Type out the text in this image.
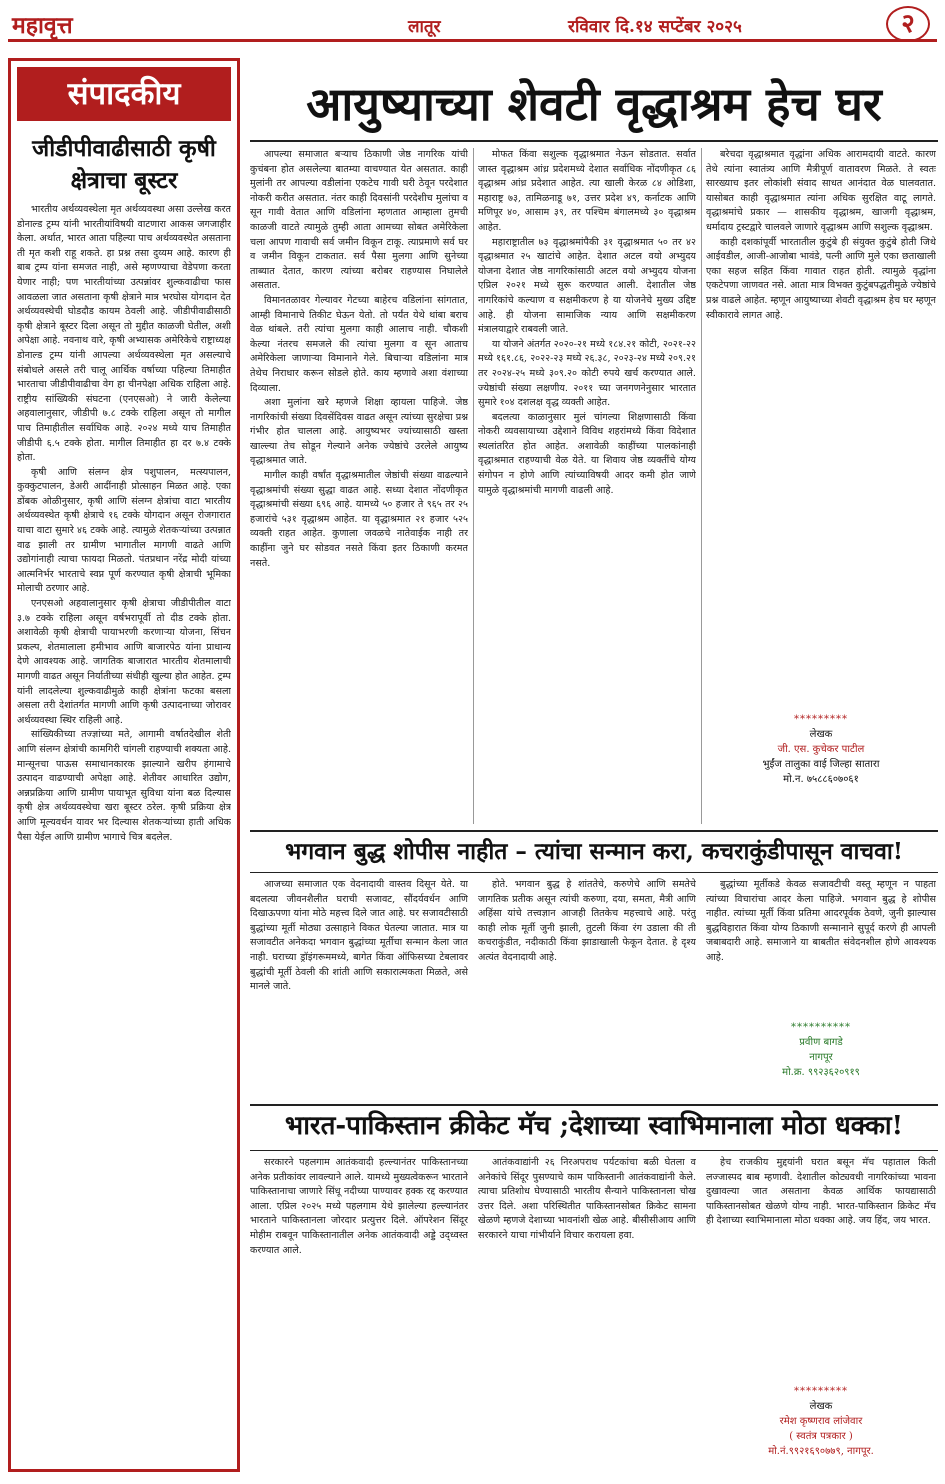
महावृत्त	लातूर	रविवार दि.१४ सप्टेंबर २०२५	२
संपादकीय
जीडीपीवाढीसाठी कृषी क्षेत्राचा बूस्टर

भारतीय अर्थव्यवस्थेला मृत अर्थव्यवस्था असा उल्लेख करत डोनाल्ड ट्रम्प यांनी भारतीयांविषयी वाटणारा आकस जगजाहीर केला. अर्थात, भारत आता पहिल्या पाच अर्थव्यवस्थेत असताना ती मृत कशी राहू शकते. हा प्रश्न तसा दुय्यम आहे. कारण ही बाब ट्रम्प यांना समजत नाही, असे म्हणण्याचा वेडेपणा करता येणार नाही; पण भारतीयांच्या उत्पन्नांवर शुल्कवाढीचा फास आवळला जात असताना कृषी क्षेत्राने मात्र भरघोस योगदान देत अर्थव्यवस्थेची घोडदौड कायम ठेवली आहे. जीडीपीवाढीसाठी कृषी क्षेत्राने बूस्टर दिला असून तो मुद्दीत काळजी घेतील, अशी अपेक्षा आहे. नवनाथ वारे, कृषी अभ्यासक अमेरिकेचे राष्ट्राध्यक्ष डोनाल्ड ट्रम्प यांनी आपल्या अर्थव्यवस्थेला मृत असल्याचे संबोधले असले तरी चालू आर्थिक वर्षाच्या पहिल्या तिमाहीत भारताचा जीडीपीवाढीचा वेग हा चीनपेक्षा अधिक राहिला आहे. राष्ट्रीय सांख्यिकी संघटना (एनएसओ) ने जारी केलेल्या अहवालानुसार, जीडीपी ७.८ टक्के राहिला असून तो मागील पाच तिमाहीतील सर्वाधिक आहे. २०२४ मध्ये याच तिमाहीत जीडीपी ६.५ टक्के होता. मागील तिमाहीत हा दर ७.४ टक्के होता.

कृषी आणि संलग्न क्षेत्र पशुपालन, मत्स्यपालन, कुक्कुटपालन, डेअरी आदींनाही प्रोत्साहन मिळत आहे. एका डोंबक ओळीनुसार, कृषी आणि संलग्न क्षेत्रांचा वाटा भारतीय अर्थव्यवस्थेत कृषी क्षेत्राचे १६ टक्के योगदान असून रोजगारात याचा वाटा सुमारे ४६ टक्के आहे. त्यामुळे शेतकऱ्यांच्या उत्पन्नात वाढ झाली तर ग्रामीण भागातील मागणी वाढते आणि उद्योगांनाही त्याचा फायदा मिळतो. पंतप्रधान नरेंद्र मोदी यांच्या आत्मनिर्भर भारताचे स्वप्न पूर्ण करण्यात कृषी क्षेत्राची भूमिका मोलाची ठरणार आहे.

एनएसओ अहवालानुसार कृषी क्षेत्राचा जीडीपीतील वाटा ३.७ टक्के राहिला असून वर्षभरापूर्वी तो दीड टक्के होता. अशावेळी कृषी क्षेत्राची पायाभरणी करणाऱ्या योजना, सिंचन प्रकल्प, शेतमालाला हमीभाव आणि बाजारपेठ यांना प्राधान्य देणे आवश्यक आहे. जागतिक बाजारात भारतीय शेतमालाची मागणी वाढत असून निर्यातीच्या संधीही खुल्या होत आहेत. ट्रम्प यांनी लादलेल्या शुल्कवाढीमुळे काही क्षेत्रांना फटका बसला असला तरी देशांतर्गत मागणी आणि कृषी उत्पादनाच्या जोरावर अर्थव्यवस्था स्थिर राहिली आहे.

सांख्यिकीच्या तज्ज्ञांच्या मते, आगामी वर्षातदेखील शेती आणि संलग्न क्षेत्रांची कामगिरी चांगली राहण्याची शक्यता आहे. मान्सूनचा पाऊस समाधानकारक झाल्याने खरीप हंगामाचे उत्पादन वाढण्याची अपेक्षा आहे. शेतीवर आधारित उद्योग, अन्नप्रक्रिया आणि ग्रामीण पायाभूत सुविधा यांना बळ दिल्यास कृषी क्षेत्र अर्थव्यवस्थेचा खरा बूस्टर ठरेल. कृषी प्रक्रिया क्षेत्र आणि मूल्यवर्धन यावर भर दिल्यास शेतकऱ्यांच्या हाती अधिक पैसा येईल आणि ग्रामीण भागाचे चित्र बदलेल.

आयुष्याच्या शेवटी वृद्धाश्रम हेच घर

आपल्या समाजात बऱ्याच ठिकाणी जेष्ठ नागरिक यांची कुचंबना होत असलेल्या बातम्या वाचण्यात येत असतात. काही मुलांनी तर आपल्या वडीलांना एकटेच गावी घरी ठेवून परदेशात नोकरी करीत असतात. नंतर काही दिवसांनी परदेशीच मुलांचा व सून गावी वेतात आणि वडिलांना म्हणतात आम्हाला तुमची काळजी वाटते त्यामुळे तुम्ही आता आमच्या सोबत अमेरिकेला चला आपण गावाची सर्व जमीन विकून टाकू. त्याप्रमाणे सर्व घर व जमीन विकून टाकतात. सर्व पैसा मुलगा आणि सुनेच्या ताब्यात देतात, कारण त्यांच्या बरोबर राहण्यास निघालेले असतात.

विमानतळावर गेल्यावर गेटच्या बाहेरच वडिलांना सांगतात, आम्ही विमानाचे तिकीट घेऊन येतो. तो पर्यंत येथे थांबा बराच वेळ थांबले. तरी त्यांचा मुलगा काही आलाच नाही. चौकशी केल्या नंतरच समजले की त्यांचा मुलगा व सून आताच अमेरिकेला जाणाऱ्या विमानाने गेले. बिचाऱ्या वडिलांना मात्र तेथेच निराधार करून सोडले होते. काय म्हणावे अशा वंशाच्या दिव्याला.

अशा मुलांना खरे म्हणजे शिक्षा व्हायला पाहिजे. जेष्ठ नागरिकांची संख्या दिवसेंदिवस वाढत असून त्यांच्या सुरक्षेचा प्रश्न गंभीर होत चालला आहे. आयुष्यभर ज्यांच्यासाठी खस्ता खाल्ल्या तेच सोडून गेल्याने अनेक ज्येष्ठांचे उरलेले आयुष्य वृद्धाश्रमात जाते.

मागील काही वर्षांत वृद्धाश्रमातील जेष्ठांची संख्या वाढल्याने वृद्धाश्रमांची संख्या सुद्धा वाढत आहे. सध्या देशात नोंदणीकृत वृद्धाश्रमांची संख्या ६९६ आहे. यामध्ये ५० हजार ते ९६५ तर २५ हजारांचे ५३१ वृद्धाश्रम आहेत. या वृद्धाश्रमात २१ हजार ५२५ व्यक्ती राहत आहेत. कुणाला जवळचे नातेवाईक नाही तर काहींना जुने घर सोडवत नसते किंवा इतर ठिकाणी करमत नसते.

मोफत किंवा सशुल्क वृद्धाश्रमात नेऊन सोडतात. सर्वात जास्त वृद्धाश्रम आंध्र प्रदेशमध्ये देशात सर्वाधिक नोंदणीकृत ८६ वृद्धाश्रम आंध्र प्रदेशात आहेत. त्या खाली केरळ ८४ ओडिशा, महाराष्ट्र ७३, तामिळनाडू ७१, उत्तर प्रदेश ४९, कर्नाटक आणि मणिपूर ४०, आसाम ३९, तर पश्चिम बंगालमध्ये ३० वृद्धाश्रम आहेत.

महाराष्ट्रातील ७३ वृद्धाश्रमांपैकी ३१ वृद्धाश्रमात ५० तर ४२ वृद्धाश्रमात २५ खाटांचे आहेत. देशात अटल वयो अभ्युदय योजना देशात जेष्ठ नागरिकांसाठी अटल वयो अभ्युदय योजना एप्रिल २०२१ मध्ये सुरू करण्यात आली. देशातील जेष्ठ नागरिकांचे कल्याण व सक्षमीकरण हे या योजनेचे मुख्य उद्दिष्ट आहे. ही योजना सामाजिक न्याय आणि सक्षमीकरण मंत्रालयाद्वारे राबवली जाते.

या योजने अंतर्गत २०२०-२१ मध्ये १८४.२१ कोटी, २०२१-२२ मध्ये १६१.८६, २०२२-२३ मध्ये २६.३८, २०२३-२४ मध्ये २०९.२१ तर २०२४-२५ मध्ये ३०९.२० कोटी रुपये खर्च करण्यात आले. ज्येष्ठांची संख्या लक्षणीय. २०११ च्या जनगणनेनुसार भारतात सुमारे १०४ दशलक्ष वृद्ध व्यक्ती आहेत.

बदलत्या काळानुसार मुलं चांगल्या शिक्षणासाठी किंवा नोकरी व्यवसायाच्या उद्देशाने विविध शहरांमध्ये किंवा विदेशात स्थलांतरित होत आहेत. अशावेळी काहींच्या पालकांनाही वृद्धाश्रमात राहण्याची वेळ येते. या शिवाय जेष्ठ व्यक्तींचे योग्य संगोपन न होणे आणि त्यांच्याविषयी आदर कमी होत जाणे यामुळे वृद्धाश्रमांची मागणी वाढली आहे.

बरेचदा वृद्धाश्रमात वृद्धांना अधिक आरामदायी वाटते. कारण तेथे त्यांना स्वातंत्र्य आणि मैत्रीपूर्ण वातावरण मिळते. ते स्वतः सारख्याच इतर लोकांशी संवाद साधत आनंदात वेळ घालवतात. यासोबत काही वृद्धाश्रमात त्यांना अधिक सुरक्षित वाटू लागते. वृद्धाश्रमांचे प्रकार — शासकीय वृद्धाश्रम, खाजगी वृद्धाश्रम, धर्मादाय ट्रस्टद्वारे चालवले जाणारे वृद्धाश्रम आणि सशुल्क वृद्धाश्रम.

काही दशकांपूर्वी भारतातील कुटुंबे ही संयुक्त कुटुंबे होती जिथे आईवडील, आजी-आजोबा भावंडे, पत्नी आणि मुले एका छताखाली एका सहज सहित किंवा गावात राहत होती. त्यामुळे वृद्धांना एकटेपणा जाणवत नसे. आता मात्र विभक्त कुटुंबपद्धतीमुळे ज्येष्ठांचे प्रश्न वाढले आहेत. म्हणून आयुष्याच्या शेवटी वृद्धाश्रम हेच घर म्हणून स्वीकारावे लागत आहे.

*********
लेखक
जी. एस. कुचेकर पाटील
भुईंज तालुका वाई जिल्हा सातारा
मो.न. ७५८८६०७०६१
भगवान बुद्ध शोपीस नाहीत – त्यांचा सन्मान करा, कचराकुंडीपासून वाचवा!

आजच्या समाजात एक वेदनादायी वास्तव दिसून येते. या बदलत्या जीवनशैलीत घराची सजावट, सौंदर्यवर्धन आणि दिखाऊपणा यांना मोठे महत्त्व दिले जात आहे. घर सजावटीसाठी बुद्धांच्या मूर्ती मोठ्या उत्साहाने विकत घेतल्या जातात. मात्र या सजावटीत अनेकदा भगवान बुद्धांच्या मूर्तीचा सन्मान केला जात नाही. घराच्या ड्रॉइंगरूममध्ये, बागेत किंवा ऑफिसच्या टेबलावर बुद्धांची मूर्ती ठेवली की शांती आणि सकारात्मकता मिळते, असे मानले जाते.

होते. भगवान बुद्ध हे शांततेचे, करुणेचे आणि समतेचे जागतिक प्रतीक असून त्यांची करुणा, दया, समता, मैत्री आणि अहिंसा यांचे तत्त्वज्ञान आजही तितकेच महत्त्वाचे आहे. परंतु काही लोक मूर्ती जुनी झाली, तुटली किंवा रंग उडाला की ती कचराकुंडीत, नदीकाठी किंवा झाडाखाली फेकून देतात. हे दृश्य अत्यंत वेदनादायी आहे.

बुद्धांच्या मूर्तीकडे केवळ सजावटीची वस्तू म्हणून न पाहता त्यांच्या विचारांचा आदर केला पाहिजे. भगवान बुद्ध हे शोपीस नाहीत. त्यांच्या मूर्ती किंवा प्रतिमा आदरपूर्वक ठेवणे, जुनी झाल्यास बुद्धविहारात किंवा योग्य ठिकाणी सन्मानाने सुपूर्द करणे ही आपली जबाबदारी आहे. समाजाने या बाबतीत संवेदनशील होणे आवश्यक आहे.

**********
प्रवीण बागडे
नागपूर
मो.क्र. ९९२३६२०९१९
भारत-पाकिस्तान क्रीकेट मॅच ;देशाच्या स्वाभिमानाला मोठा धक्का!

सरकारने पहलगाम आतंकवादी हल्ल्यानंतर पाकिस्तानच्या अनेक प्रतीकांवर लावल्याने आले. यामध्ये मुख्यत्वेकरून भारताने पाकिस्तानाचा जाणारे सिंधू नदीच्या पाण्यावर हक्क रद्द करण्यात आला. एप्रिल २०२५ मध्ये पहलगाम येथे झालेल्या हल्ल्यानंतर भारताने पाकिस्तानला जोरदार प्रत्युत्तर दिले. ऑपरेशन सिंदूर मोहीम राबवून पाकिस्तानातील अनेक आतंकवादी अड्डे उद्ध्वस्त करण्यात आले.

आतंकवाद्यांनी २६ निरअपराध पर्यटकांचा बळी घेतला व अनेकांचे सिंदूर पुसण्याचे काम पाकिस्तानी आतंकवाद्यांनी केले. त्याचा प्रतिशोध घेण्यासाठी भारतीय सैन्याने पाकिस्तानला चोख उत्तर दिले. अशा परिस्थितीत पाकिस्तानसोबत क्रिकेट सामना खेळणे म्हणजे देशाच्या भावनांशी खेळ आहे. बीसीसीआय आणि सरकारने याचा गांभीर्याने विचार करायला हवा.

हेच राजकीय मुद्दयांनी घरात बसून मॅच पहाताल किती लज्जास्पद बाब म्हणावी. देशातील कोट्यवधी नागरिकांच्या भावना दुखावल्या जात असताना केवळ आर्थिक फायद्यासाठी पाकिस्तानसोबत खेळणे योग्य नाही. भारत-पाकिस्तान क्रिकेट मॅच ही देशाच्या स्वाभिमानाला मोठा धक्का आहे. जय हिंद, जय भारत.

*********
लेखक
रमेश कृष्णराव लांजेवार
( स्वतंत्र पत्रकार )
मो.नं.९९२१६९०७७९, नागपूर.
